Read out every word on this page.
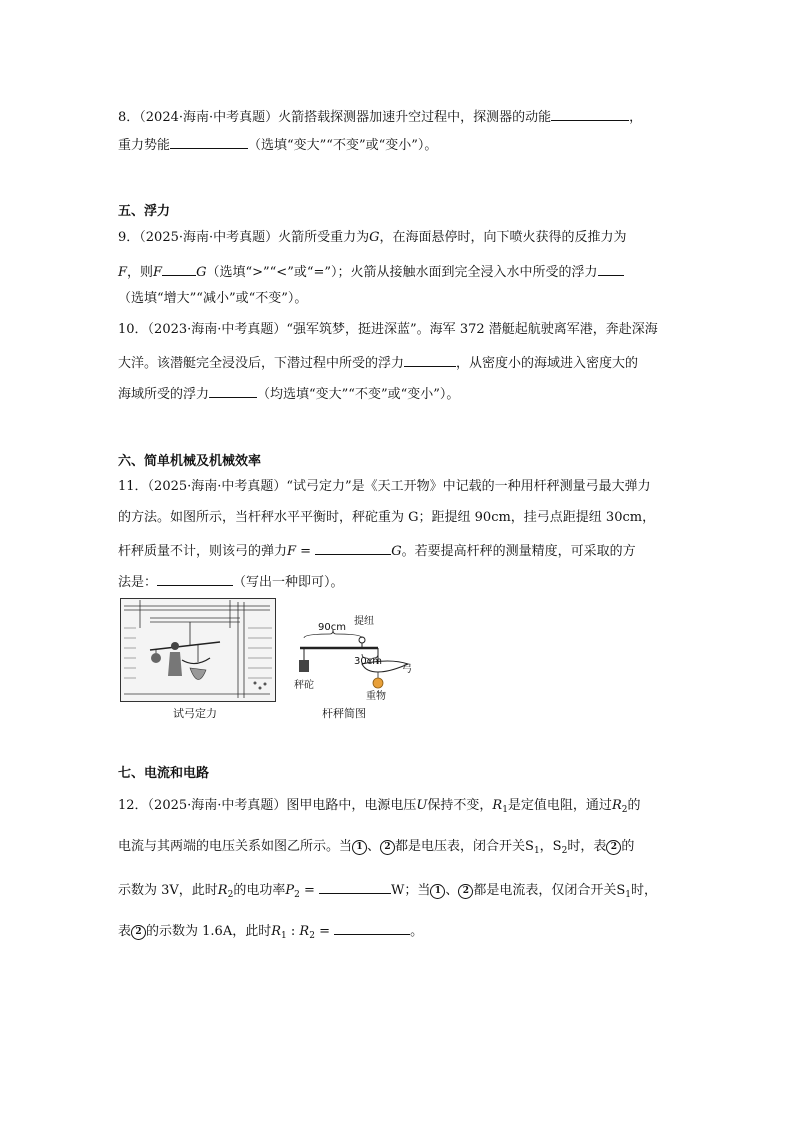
8．（2024·海南·中考真题）火箭搭载探测器加速升空过程中，探测器的动能	，
重力势能	（选填“变大”“不变”或“变小”）。
五、浮力
9．（2025·海南·中考真题）火箭所受重力为G，在海面悬停时，向下喷火获得的反推力为
F，则F	G（选填“>”“<”或“=”）；火箭从接触水面到完全浸入水中所受的浮力
（选填“增大”“减小”或“不变”）。
10．（2023·海南·中考真题）“强军筑梦，挺进深蓝”。海军 372 潜艇起航驶离军港，奔赴深海
大洋。该潜艇完全浸没后，下潜过程中所受的浮力	，从密度小的海域进入密度大的
海域所受的浮力	（均选填“变大”“不变”或“变小”）。
六、简单机械及机械效率
11．（2025·海南·中考真题）“试弓定力”是《天工开物》中记载的一种用杆秤测量弓最大弹力
的方法。如图所示，当杆秤水平平衡时，秤砣重为 G；距提纽 90cm，挂弓点距提纽 30cm，
杆秤质量不计，则该弓的弹力F =	G。若要提高杆秤的测量精度，可采取的方
法是：	（写出一种即可）。
试弓定力
提纽
90cm
30cm
秤砣
弓
重物
杆秤简图
七、电流和电路
12．（2025·海南·中考真题）图甲电路中，电源电压U保持不变，$R_1$是定值电阻，通过$R_2$的
电流与其两端的电压关系如图乙所示。当 1 、 2 都是电压表，闭合开关$S_1$，$S_2$时，表 2 的
示数为 3V，此时$R_2$的电功率$P_2$ =	W；当 1 、 2 都是电流表，仅闭合开关$S_1$时，
表 2 的示数为 1.6A，此时$R_1$ : $R_2$ =	。
